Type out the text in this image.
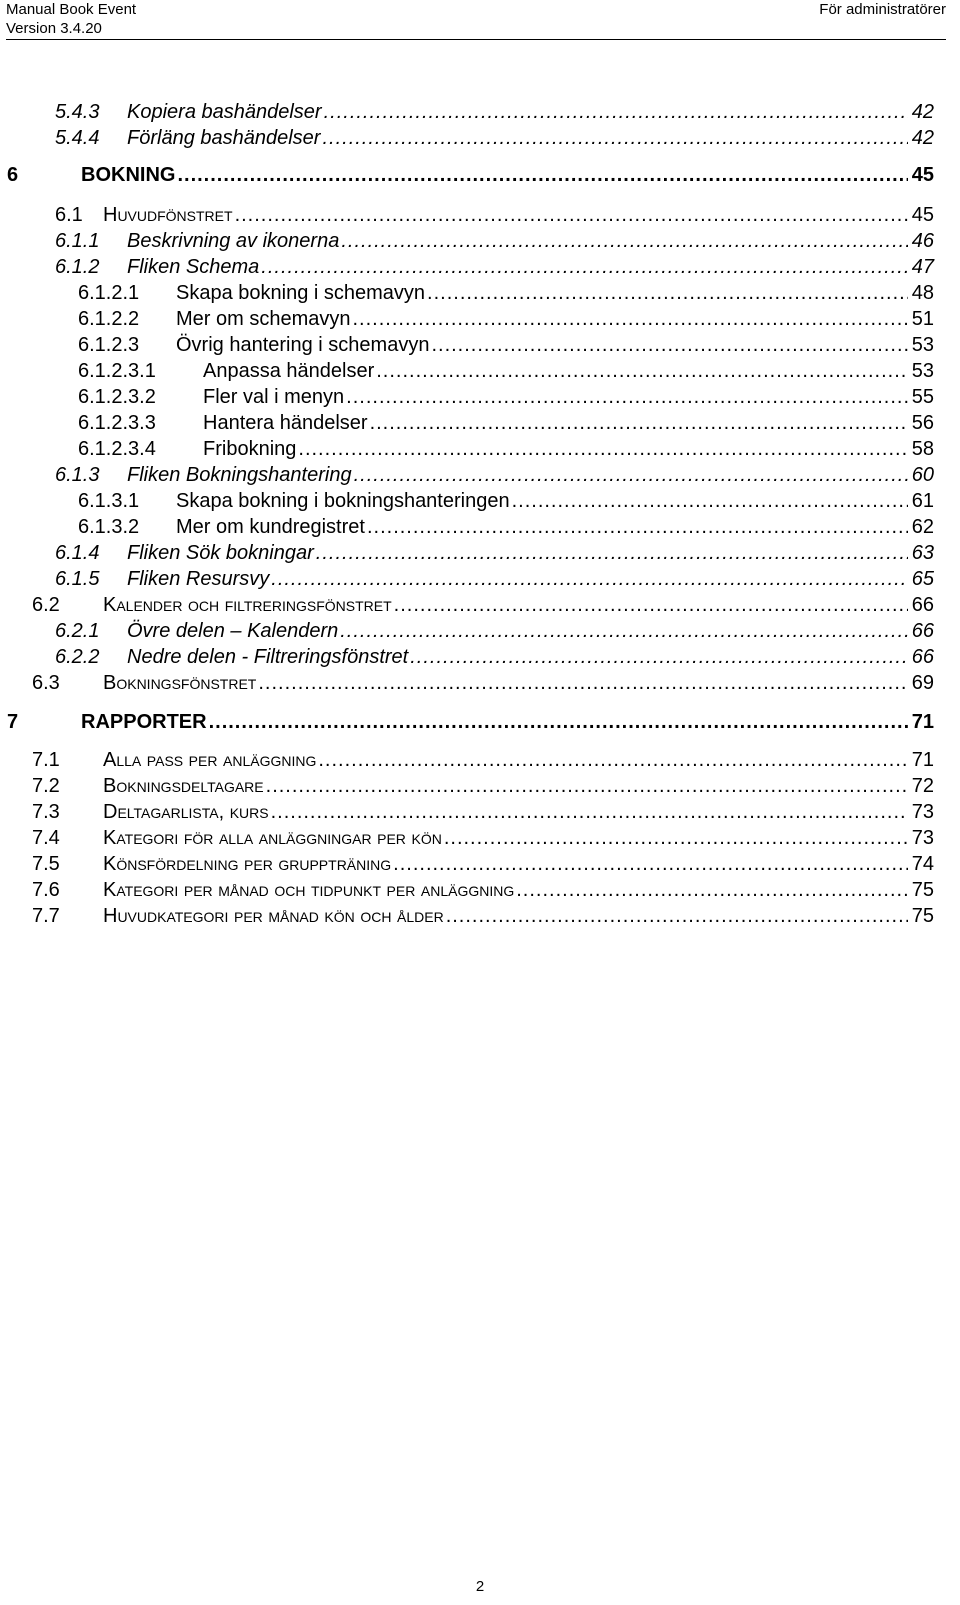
Manual Book Event
Version 3.4.20
För administratörer
5.4.3	Kopiera bashändelser .....	42
5.4.4	Förläng bashändelser .....	42
6	BOKNING .....	45
6.1	Huvudfönstret .....	45
6.1.1	Beskrivning av ikonerna .....	46
6.1.2	Fliken Schema .....	47
6.1.2.1	Skapa bokning i schemavyn .....	48
6.1.2.2	Mer om schemavyn .....	51
6.1.2.3	Övrig hantering i schemavyn .....	53
6.1.2.3.1	Anpassa händelser .....	53
6.1.2.3.2	Fler val i menyn .....	55
6.1.2.3.3	Hantera händelser .....	56
6.1.2.3.4	Fribokning .....	58
6.1.3	Fliken Bokningshantering .....	60
6.1.3.1	Skapa bokning i bokningshanteringen .....	61
6.1.3.2	Mer om kundregistret .....	62
6.1.4	Fliken Sök bokningar .....	63
6.1.5	Fliken Resursvy .....	65
6.2	Kalender och filtreringsfönstret .....	66
6.2.1	Övre delen – Kalendern .....	66
6.2.2	Nedre delen - Filtreringsfönstret .....	66
6.3	Bokningsfönstret .....	69
7	RAPPORTER .....	71
7.1	Alla pass per anläggning .....	71
7.2	Bokningsdeltagare .....	72
7.3	Deltagarlista, kurs .....	73
7.4	Kategori för alla anläggningar per kön .....	73
7.5	Könsfördelning per gruppträning .....	74
7.6	Kategori per månad och tidpunkt per anläggning .....	75
7.7	Huvudkategori per månad kön och ålder .....	75
2
